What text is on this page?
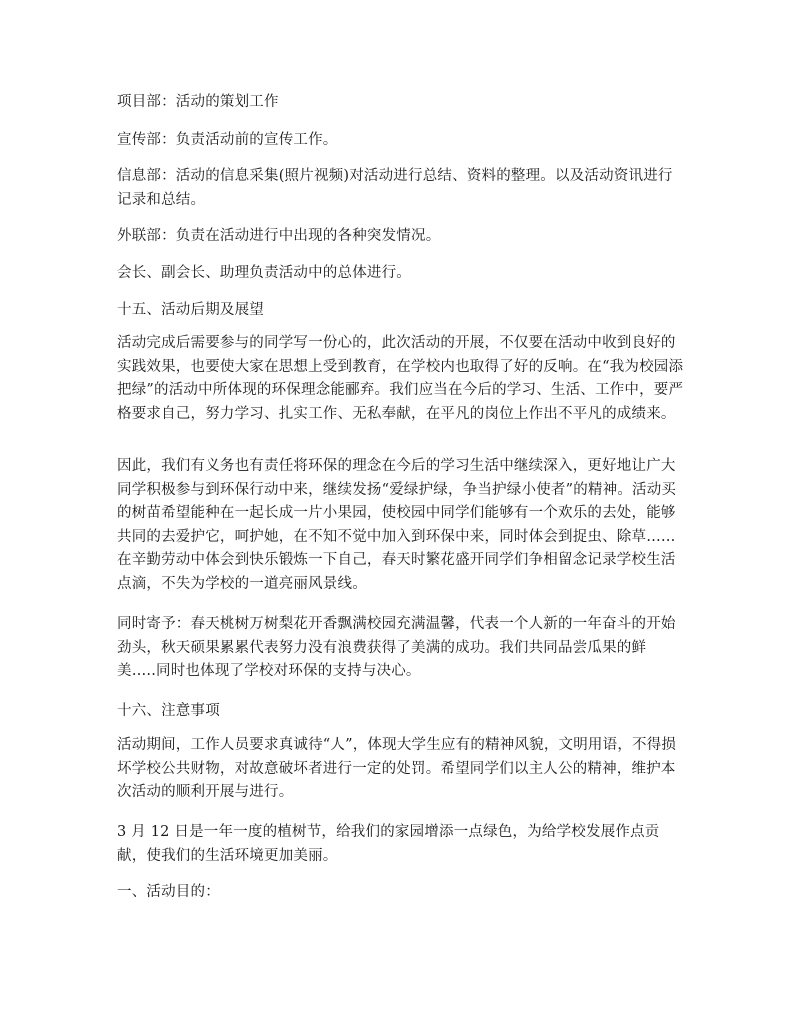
项目部：活动的策划工作

宣传部：负责活动前的宣传工作。

信息部：活动的信息采集(照片视频)对活动进行总结、资料的整理。以及活动资讯进行记录和总结。

外联部：负责在活动进行中出现的各种突发情况。

会长、副会长、助理负责活动中的总体进行。

十五、活动后期及展望

活动完成后需要参与的同学写一份心的，此次活动的开展，不仅要在活动中收到良好的实践效果，也要使大家在思想上受到教育，在学校内也取得了好的反响。在“我为校园添把绿”的活动中所体现的环保理念能郦弃。我们应当在今后的学习、生活、工作中，要严格要求自己，努力学习、扎实工作、无私奉献，在平凡的岗位上作出不平凡的成绩来。

因此，我们有义务也有责任将环保的理念在今后的学习生活中继续深入，更好地让广大同学积极参与到环保行动中来，继续发扬“爱绿护绿，争当护绿小使者”的精神。活动买的树苗希望能种在一起长成一片小果园，使校园中同学们能够有一个欢乐的去处，能够共同的去爱护它，呵护她，在不知不觉中加入到环保中来，同时体会到捉虫、除草……在辛勤劳动中体会到快乐锻炼一下自己，春天时繁花盛开同学们争相留念记录学校生活点滴，不失为学校的一道亮丽风景线。

同时寄予：春天桃树万树梨花开香飘满校园充满温馨，代表一个人新的一年奋斗的开始劲头，秋天硕果累累代表努力没有浪费获得了美满的成功。我们共同品尝瓜果的鲜美…..同时也体现了学校对环保的支持与决心。

十六、注意事项

活动期间，工作人员要求真诚待“人”，体现大学生应有的精神风貌，文明用语，不得损坏学校公共财物，对故意破坏者进行一定的处罚。希望同学们以主人公的精神，维护本次活动的顺利开展与进行。

3 月 12 日是一年一度的植树节，给我们的家园增添一点绿色，为给学校发展作点贡献，使我们的生活环境更加美丽。

一、活动目的：
